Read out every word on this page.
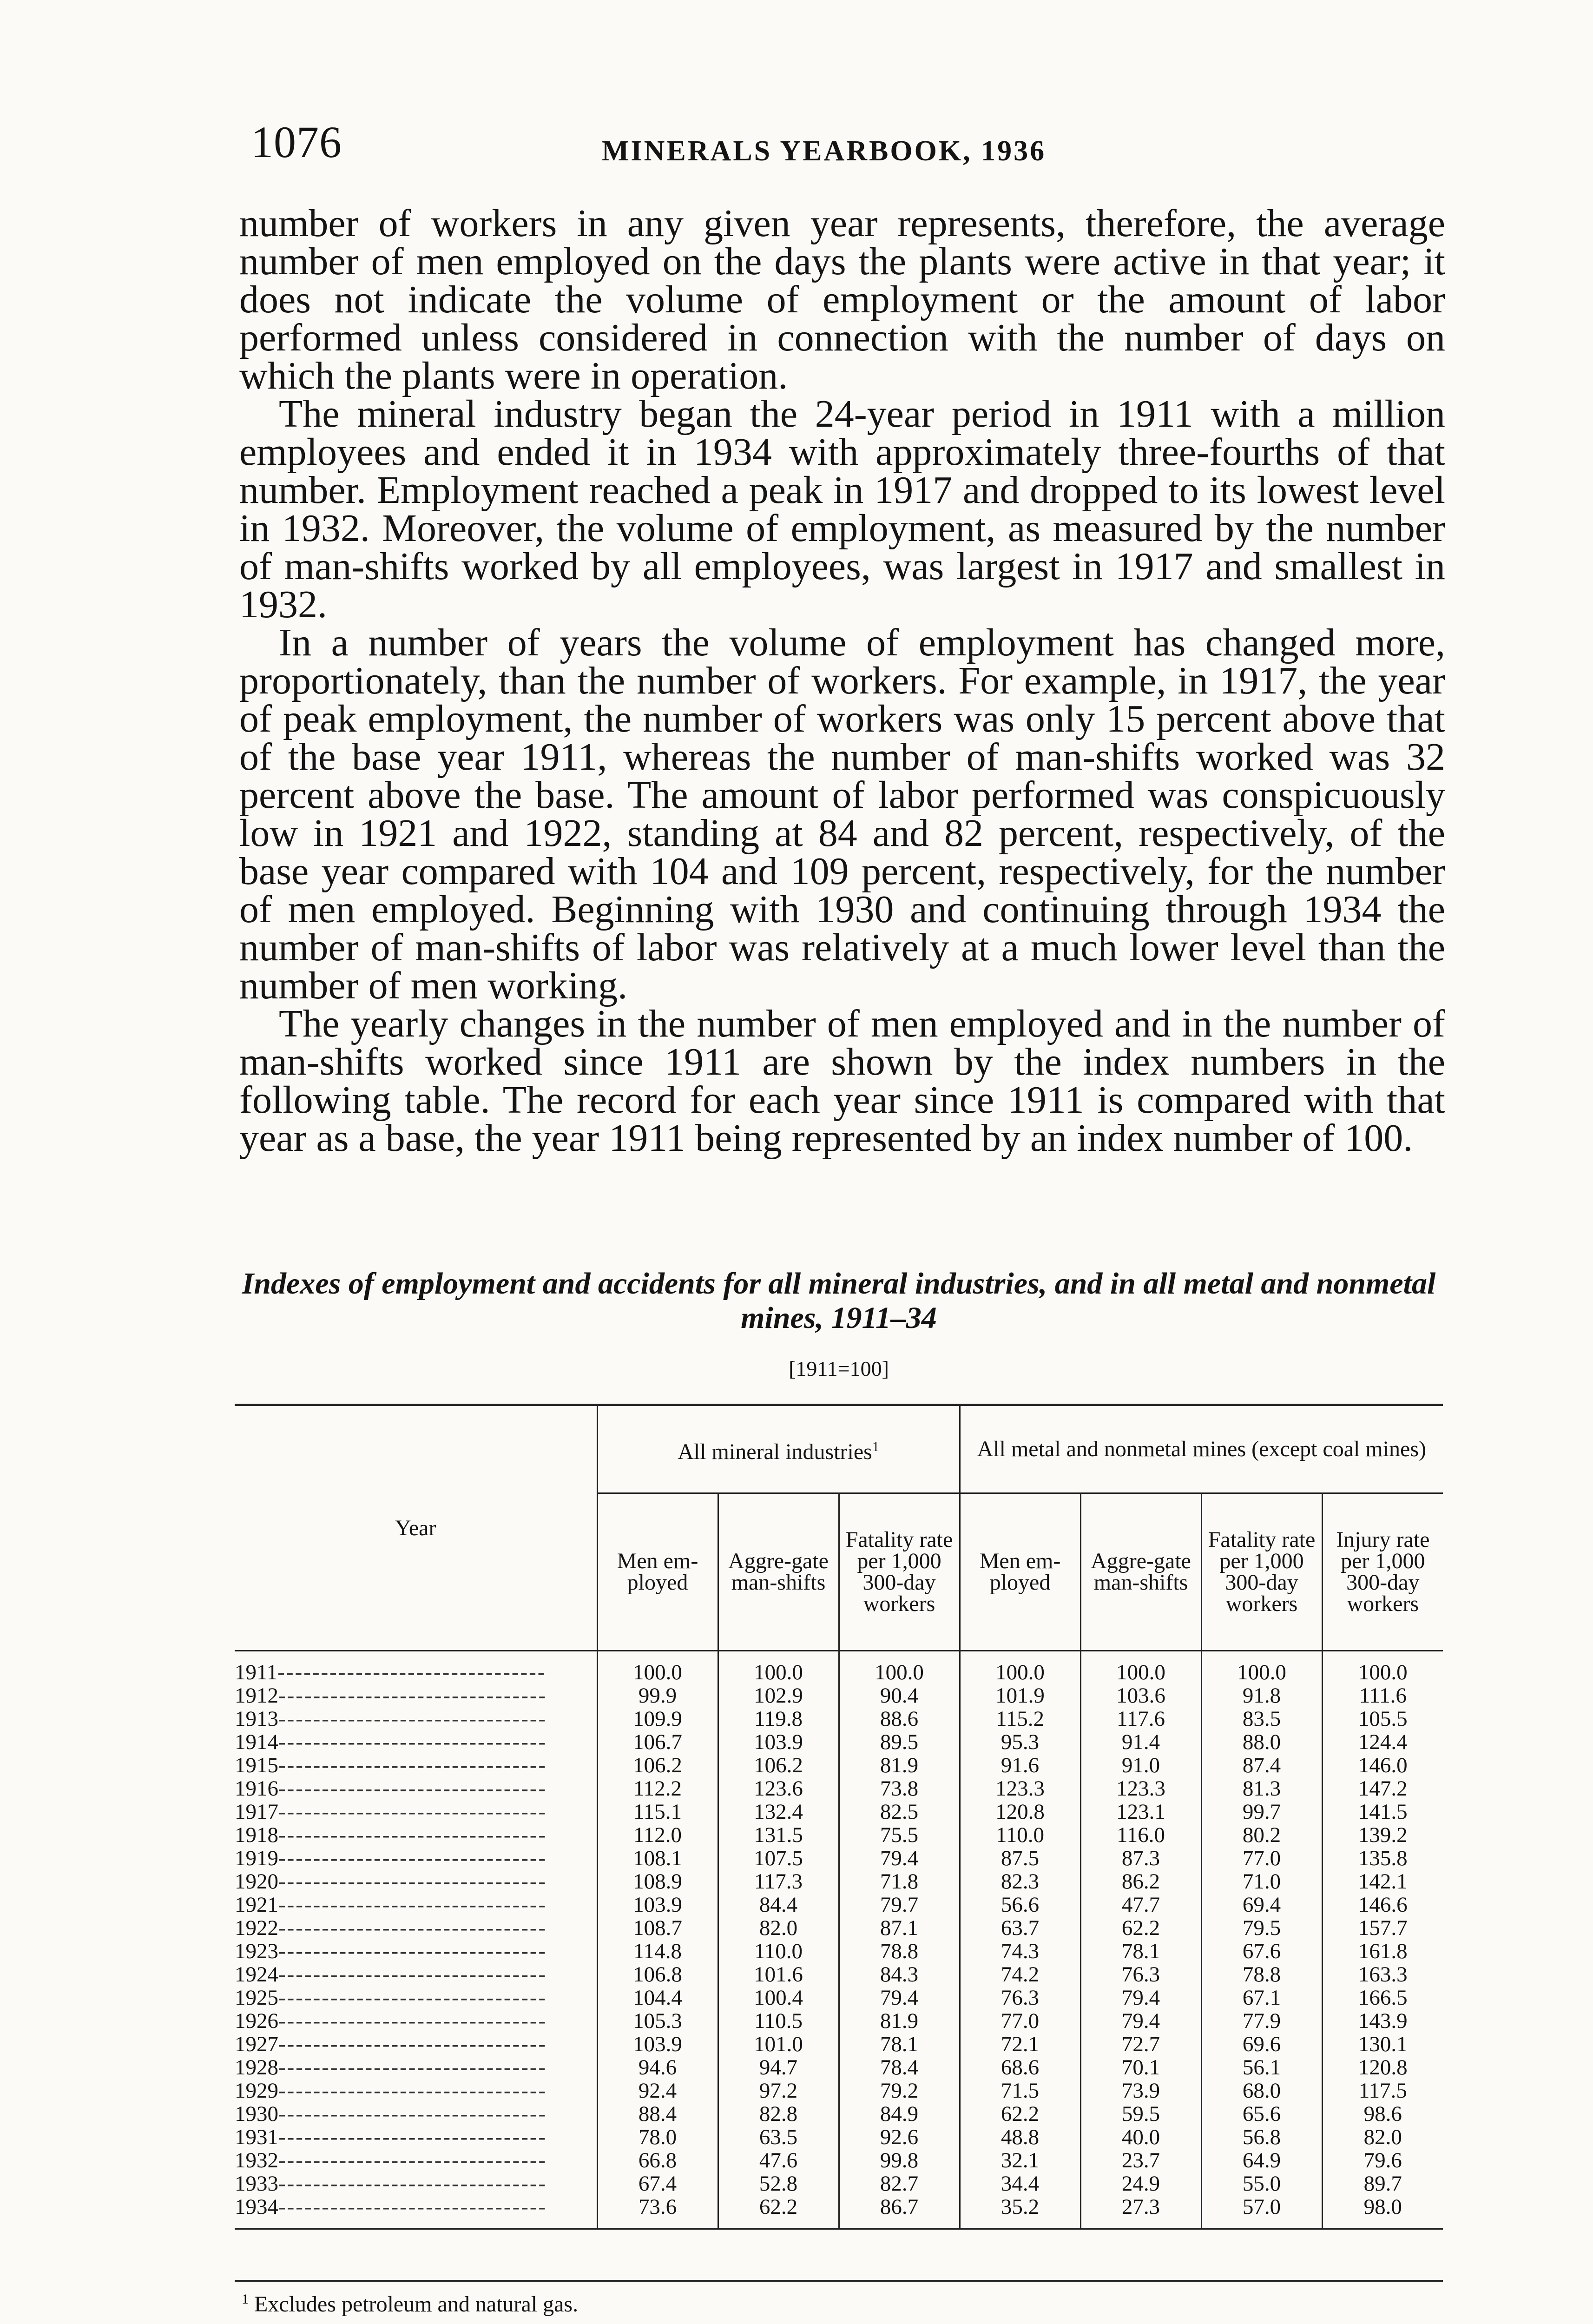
1076	MINERALS YEARBOOK, 1936

number of workers in any given year represents, therefore, the average number of men employed on the days the plants were active in that year; it does not indicate the volume of employment or the amount of labor performed unless considered in connection with the number of days on which the plants were in operation.

The mineral industry began the 24-year period in 1911 with a million employees and ended it in 1934 with approximately three-fourths of that number. Employment reached a peak in 1917 and dropped to its lowest level in 1932. Moreover, the volume of employment, as measured by the number of man-shifts worked by all employees, was largest in 1917 and smallest in 1932.

In a number of years the volume of employment has changed more, proportionately, than the number of workers. For example, in 1917, the year of peak employment, the number of workers was only 15 percent above that of the base year 1911, whereas the number of man-shifts worked was 32 percent above the base. The amount of labor performed was conspicuously low in 1921 and 1922, standing at 84 and 82 percent, respectively, of the base year compared with 104 and 109 percent, respectively, for the number of men employed. Beginning with 1930 and continuing through 1934 the number of man-shifts of labor was relatively at a much lower level than the number of men working.

The yearly changes in the number of men employed and in the number of man-shifts worked since 1911 are shown by the index numbers in the following table. The record for each year since 1911 is compared with that year as a base, the year 1911 being represented by an index number of 100.

Indexes of employment and accidents for all mineral industries, and in all metal and nonmetal mines, 1911–34
[1911=100]
Year	All mineral industries$^1$			All metal and nonmetal mines (except coal mines)			
	Men em-ployed	Aggre-gate man-shifts	Fatality rate per 1,000 300-day workers	Men em-ployed	Aggre-gate man-shifts	Fatality rate per 1,000 300-day workers	Injury rate per 1,000 300-day workers
1911-------------------------------	100.0	100.0	100.0	100.0	100.0	100.0	100.0
1912-------------------------------	99.9	102.9	90.4	101.9	103.6	91.8	111.6
1913-------------------------------	109.9	119.8	88.6	115.2	117.6	83.5	105.5
1914-------------------------------	106.7	103.9	89.5	95.3	91.4	88.0	124.4
1915-------------------------------	106.2	106.2	81.9	91.6	91.0	87.4	146.0
1916-------------------------------	112.2	123.6	73.8	123.3	123.3	81.3	147.2
1917-------------------------------	115.1	132.4	82.5	120.8	123.1	99.7	141.5
1918-------------------------------	112.0	131.5	75.5	110.0	116.0	80.2	139.2
1919-------------------------------	108.1	107.5	79.4	87.5	87.3	77.0	135.8
1920-------------------------------	108.9	117.3	71.8	82.3	86.2	71.0	142.1
1921-------------------------------	103.9	84.4	79.7	56.6	47.7	69.4	146.6
1922-------------------------------	108.7	82.0	87.1	63.7	62.2	79.5	157.7
1923-------------------------------	114.8	110.0	78.8	74.3	78.1	67.6	161.8
1924-------------------------------	106.8	101.6	84.3	74.2	76.3	78.8	163.3
1925-------------------------------	104.4	100.4	79.4	76.3	79.4	67.1	166.5
1926-------------------------------	105.3	110.5	81.9	77.0	79.4	77.9	143.9
1927-------------------------------	103.9	101.0	78.1	72.1	72.7	69.6	130.1
1928-------------------------------	94.6	94.7	78.4	68.6	70.1	56.1	120.8
1929-------------------------------	92.4	97.2	79.2	71.5	73.9	68.0	117.5
1930-------------------------------	88.4	82.8	84.9	62.2	59.5	65.6	98.6
1931-------------------------------	78.0	63.5	92.6	48.8	40.0	56.8	82.0
1932-------------------------------	66.8	47.6	99.8	32.1	23.7	64.9	79.6
1933-------------------------------	67.4	52.8	82.7	34.4	24.9	55.0	89.7
1934-------------------------------	73.6	62.2	86.7	35.2	27.3	57.0	98.0
$^1$ Excludes petroleum and natural gas.
